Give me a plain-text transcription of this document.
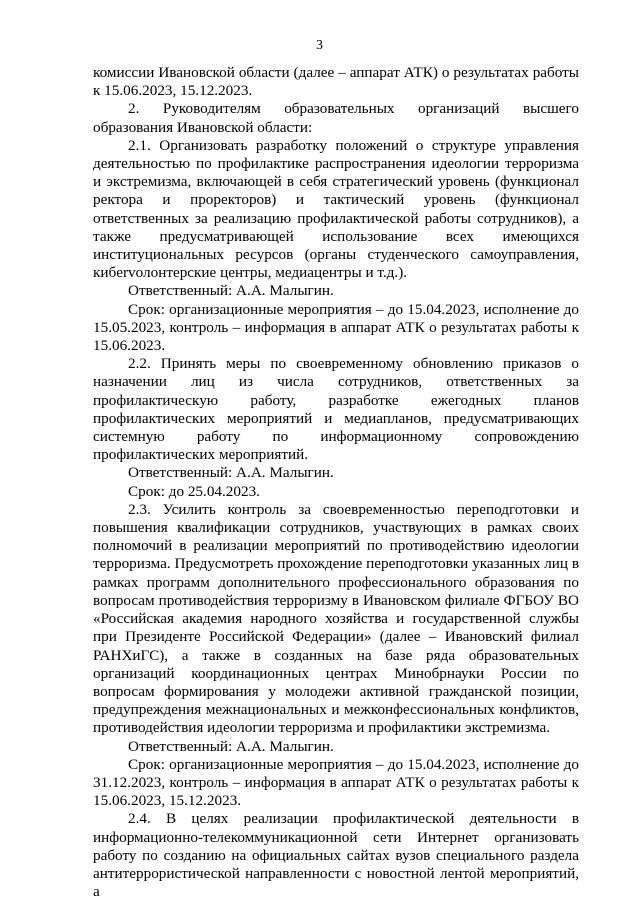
3

комиссии Ивановской области (далее – аппарат АТК) о результатах работы к 15.06.2023, 15.12.2023.

2. Руководителям образовательных организаций высшего образования Ивановской области:

2.1. Организовать разработку положений о структуре управления деятельностью по профилактике распространения идеологии терроризма и экстремизма, включающей в себя стратегический уровень (функционал ректора и проректоров) и тактический уровень (функционал ответственных за реализацию профилактической работы сотрудников), а также предусматривающей использование всех имеющихся институциональных ресурсов (органы студенческого самоуправления, кибervолонтерские центры, медиацентры и т.д.).

Ответственный: А.А. Малыгин.

Срок: организационные мероприятия – до 15.04.2023, исполнение до 15.05.2023, контроль – информация в аппарат АТК о результатах работы к 15.06.2023.

2.2. Принять меры по своевременному обновлению приказов о назначении лиц из числа сотрудников, ответственных за профилактическую работу, разработке ежегодных планов профилактических мероприятий и медиапланов, предусматривающих системную работу по информационному сопровождению профилактических мероприятий.

Ответственный: А.А. Малыгин.

Срок: до 25.04.2023.

2.3. Усилить контроль за своевременностью переподготовки и повышения квалификации сотрудников, участвующих в рамках своих полномочий в реализации мероприятий по противодействию идеологии терроризма. Предусмотреть прохождение переподготовки указанных лиц в рамках программ дополнительного профессионального образования по вопросам противодействия терроризму в Ивановском филиале ФГБОУ ВО «Российская академия народного хозяйства и государственной службы при Президенте Российской Федерации» (далее – Ивановский филиал РАНХиГС), а также в созданных на базе ряда образовательных организаций координационных центрах Минобрнауки России по вопросам формирования у молодежи активной гражданской позиции, предупреждения межнациональных и межконфессиональных конфликтов, противодействия идеологии терроризма и профилактики экстремизма.

Ответственный: А.А. Малыгин.

Срок: организационные мероприятия – до 15.04.2023, исполнение до 31.12.2023, контроль – информация в аппарат АТК о результатах работы к 15.06.2023, 15.12.2023.

2.4. В целях реализации профилактической деятельности в информационно-телекоммуникационной сети Интернет организовать работу по созданию на официальных сайтах вузов специального раздела антитеррористической направленности с новостной лентой мероприятий, а
